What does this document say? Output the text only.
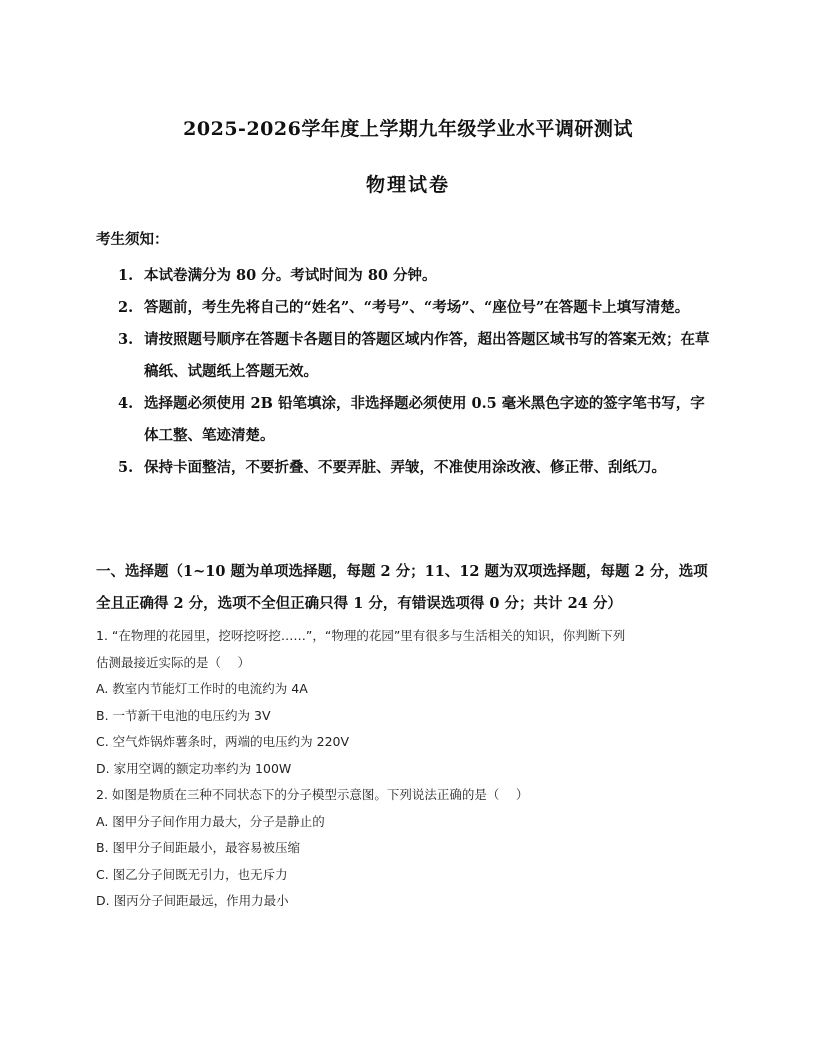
2025-2026学年度上学期九年级学业水平调研测试
物理试卷
考生须知：
1. 本试卷满分为 80 分。考试时间为 80 分钟。
2. 答题前，考生先将自己的“姓名”、“考号”、“考场”、“座位号”在答题卡上填写清楚。
3. 请按照题号顺序在答题卡各题目的答题区域内作答，超出答题区域书写的答案无效；在草稿纸、试题纸上答题无效。
4. 选择题必须使用 2B 铅笔填涂，非选择题必须使用 0.5 毫米黑色字迹的签字笔书写，字体工整、笔迹清楚。
5. 保持卡面整洁，不要折叠、不要弄脏、弄皱，不准使用涂改液、修正带、刮纸刀。
一、选择题（1~10 题为单项选择题，每题 2 分；11、12 题为双项选择题，每题 2 分，选项全且正确得 2 分，选项不全但正确只得 1 分，有错误选项得 0 分；共计 24 分）
1. “在物理的花园里，挖呀挖呀挖……”，“物理的花园”里有很多与生活相关的知识，你判断下列
估测最接近实际的是（　 ）
A. 教室内节能灯工作时的电流约为 4A
B. 一节新干电池的电压约为 3V
C. 空气炸锅炸薯条时，两端的电压约为 220V
D. 家用空调的额定功率约为 100W
2. 如图是物质在三种不同状态下的分子模型示意图。下列说法正确的是（　 ）
A. 图甲分子间作用力最大，分子是静止的
B. 图甲分子间距最小，最容易被压缩
C. 图乙分子间既无引力，也无斥力
D. 图丙分子间距最远，作用力最小
